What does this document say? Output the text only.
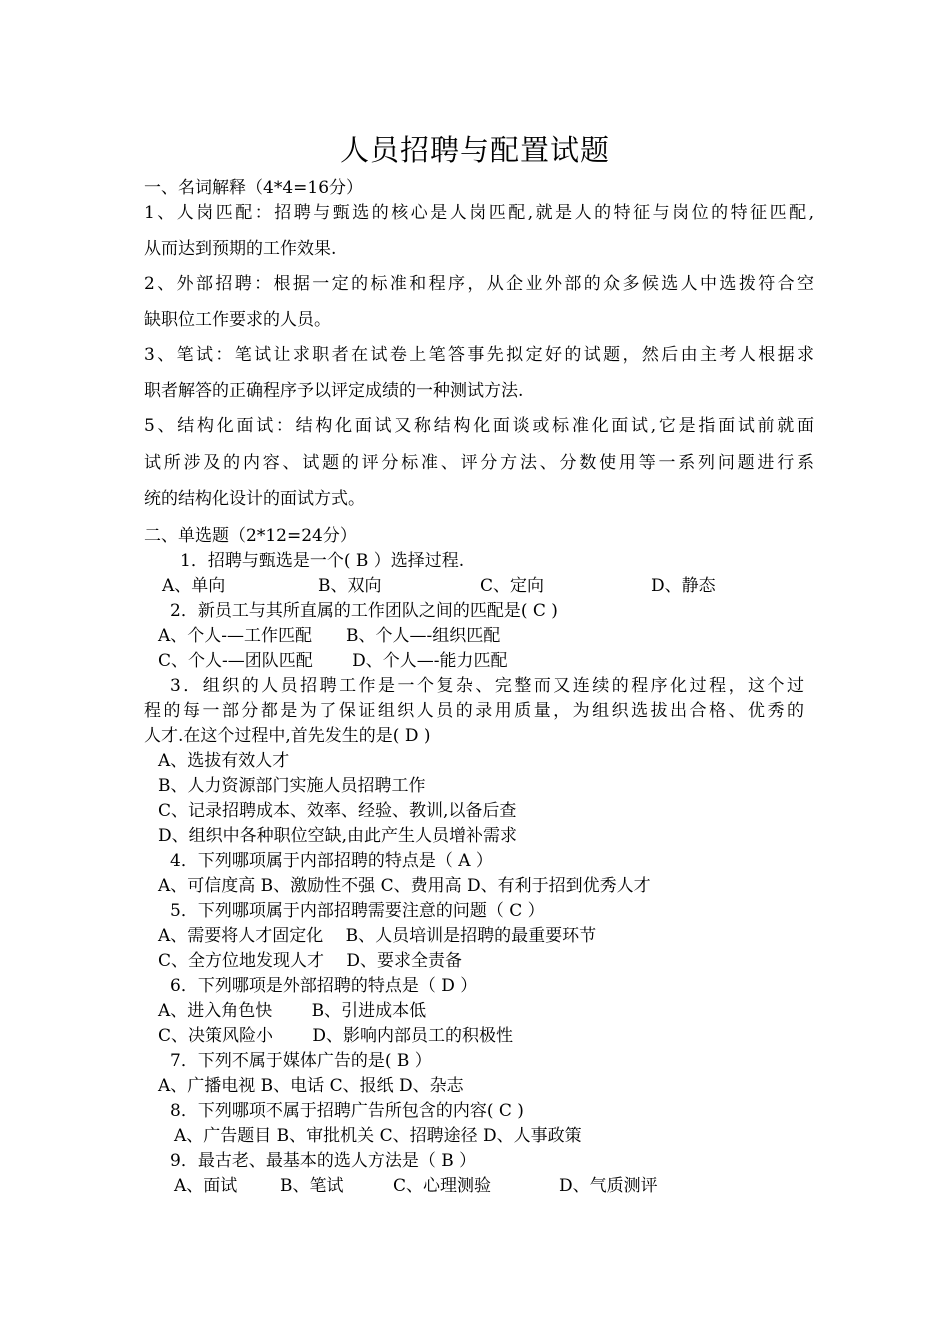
人员招聘与配置试题
一、名词解释（4*4=16分）
1、人岗匹配：招聘与甄选的核心是人岗匹配,就是人的特征与岗位的特征匹配,
从而达到预期的工作效果.
2、外部招聘：根据一定的标准和程序，从企业外部的众多候选人中选拨符合空
缺职位工作要求的人员。
3、笔试：笔试让求职者在试卷上笔答事先拟定好的试题，然后由主考人根据求
职者解答的正确程序予以评定成绩的一种测试方法.
5、结构化面试：结构化面试又称结构化面谈或标准化面试,它是指面试前就面
试所涉及的内容、试题的评分标准、评分方法、分数使用等一系列问题进行系
统的结构化设计的面试方式。
二、单选题（2*12=24分）
1．招聘与甄选是一个( B ）选择过程.
A、单向	B、双向	C、定向	D、静态
2．新员工与其所直属的工作团队之间的匹配是( C )
A、个人-—工作匹配　　B、个人—-组织匹配
C、个人-—团队匹配　　 D、个人—-能力匹配
3．组织的人员招聘工作是一个复杂、完整而又连续的程序化过程，这个过
程的每一部分都是为了保证组织人员的录用质量，为组织选拔出合格、优秀的
人才.在这个过程中,首先发生的是( D )
A、选拔有效人才
B、人力资源部门实施人员招聘工作
C、记录招聘成本、效率、经验、教训,以备后查
D、组织中各种职位空缺,由此产生人员增补需求
4．下列哪项属于内部招聘的特点是（ A ）
A、可信度高 B、激励性不强 C、费用高 D、有利于招到优秀人才
5．下列哪项属于内部招聘需要注意的问题（ C ）
A、需要将人才固定化　 B、人员培训是招聘的最重要环节
C、全方位地发现人才　 D、要求全责备
6．下列哪项是外部招聘的特点是（ D ）
A、进入角色快　　 B、引进成本低
C、决策风险小　　 D、影响内部员工的积极性
7．下列不属于媒体广告的是( B ）
A、广播电视 B、电话 C、报纸 D、杂志
8．下列哪项不属于招聘广告所包含的内容( C )
A、广告题目 B、审批机关 C、招聘途径 D、人事政策
9．最古老、最基本的选人方法是（ B ）
A、面试	B、笔试	C、心理测验	D、气质测评
